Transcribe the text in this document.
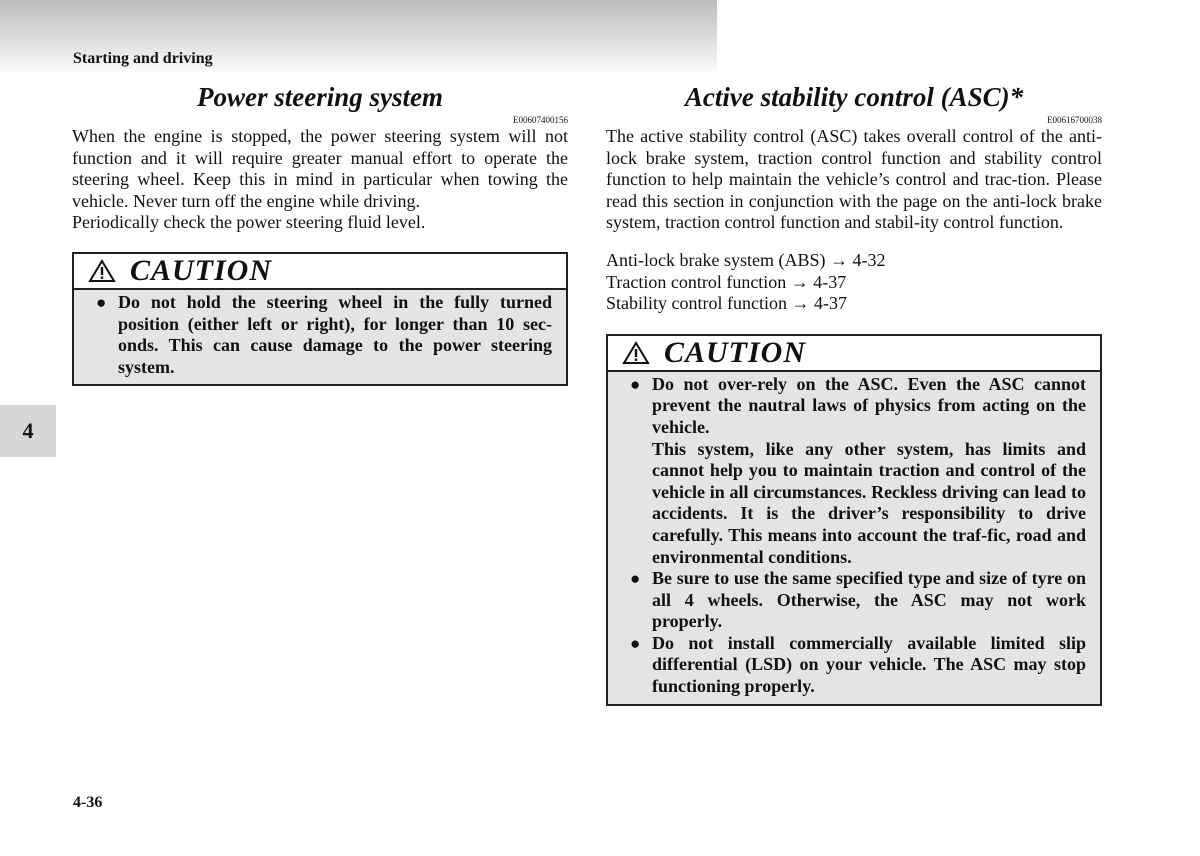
Starting and driving
4
Power steering system
E00607400156

When the engine is stopped, the power steering system will not function and it will require greater manual effort to operate the steering wheel. Keep this in mind in particular when towing the vehicle. Never turn off the engine while driving.

Periodically check the power steering fluid level.

CAUTION
● Do not hold the steering wheel in the fully turned position (either left or right), for longer than 10 sec-onds. This can cause damage to the power steering system.

Active stability control (ASC)*
E00616700038

The active stability control (ASC) takes overall control of the anti-lock brake system, traction control function and stability control function to help maintain the vehicle’s control and trac-tion. Please read this section in conjunction with the page on the anti-lock brake system, traction control function and stabil-ity control function.

Anti-lock brake system (ABS) → 4-32
Traction control function → 4-37
Stability control function → 4-37
CAUTION
● Do not over-rely on the ASC. Even the ASC cannot prevent the nautral laws of physics from acting on the vehicle.

This system, like any other system, has limits and cannot help you to maintain traction and control of the vehicle in all circumstances. Reckless driving can lead to accidents. It is the driver’s responsibility to drive carefully. This means into account the traf-fic, road and environmental conditions.

● Be sure to use the same specified type and size of tyre on all 4 wheels. Otherwise, the ASC may not work properly.

● Do not install commercially available limited slip differential (LSD) on your vehicle. The ASC may stop functioning properly.

4-36
